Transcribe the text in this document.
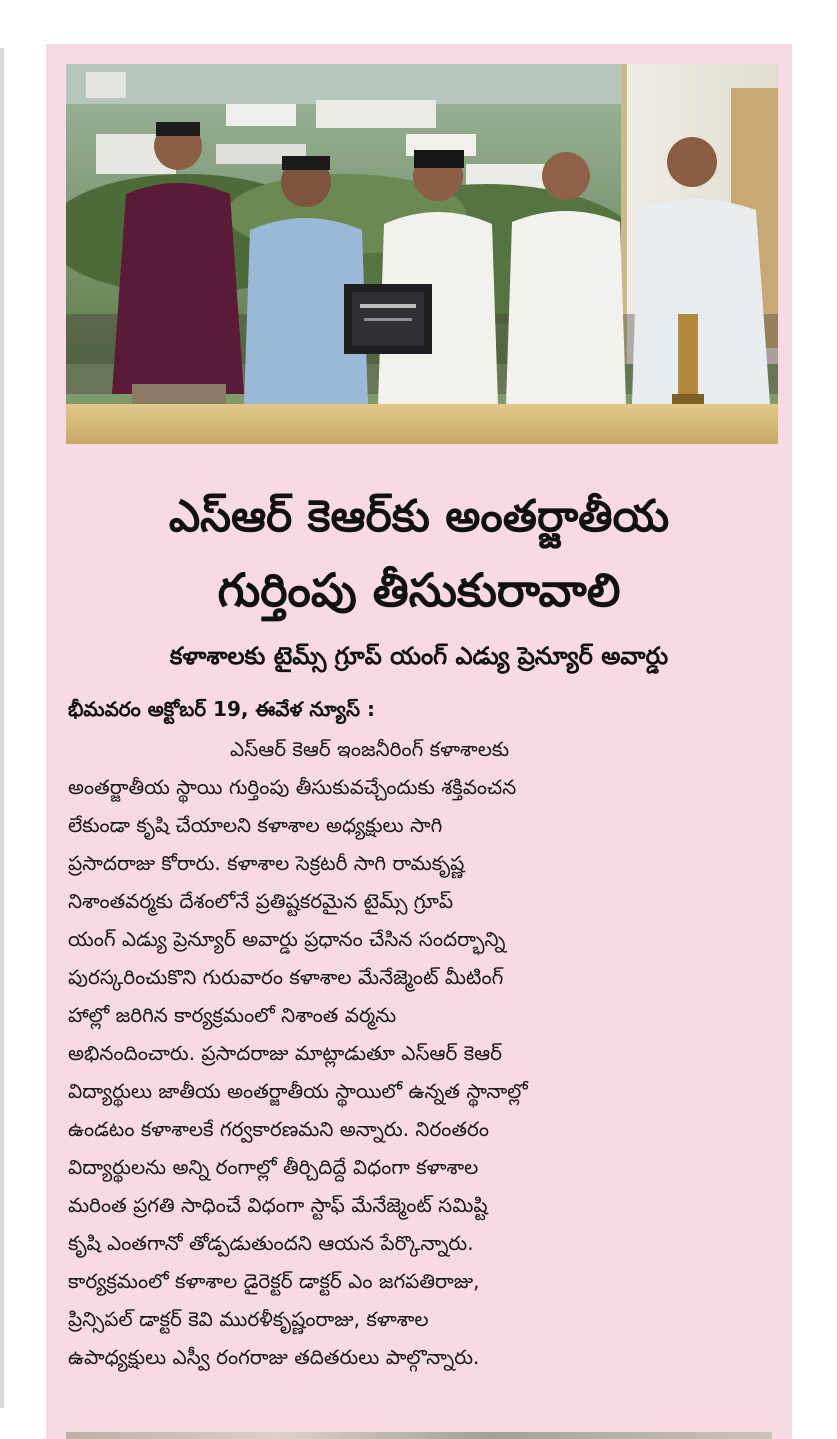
ఎస్ఆర్ కెఆర్‌కు అంతర్జాతీయ
గుర్తింపు తీసుకురావాలి
కళాశాలకు టైమ్స్ గ్రూప్ యంగ్ ఎడ్యు ప్రెన్యూర్ అవార్డు

భీమవరం అక్టోబర్ 19, ఈవేళ న్యూస్ :

ఎస్ఆర్ కెఆర్ ఇంజనీరింగ్ కళాశాలకు
అంతర్జాతీయ స్థాయి గుర్తింపు తీసుకువచ్చేందుకు శక్తివంచన
లేకుండా కృషి చేయాలని కళాశాల అధ్యక్షులు సాగి
ప్రసాదరాజు కోరారు. కళాశాల సెక్రటరీ సాగి రామకృష్ణ
నిశాంతవర్మకు దేశంలోనే ప్రతిష్టకరమైన టైమ్స్ గ్రూప్
యంగ్ ఎడ్యు ప్రెన్యూర్ అవార్డు ప్రధానం చేసిన సందర్భాన్ని
పురస్కరించుకొని గురువారం కళాశాల మేనేజ్మెంట్ మీటింగ్
హాల్లో జరిగిన కార్యక్రమంలో నిశాంత వర్మను
అభినందించారు. ప్రసాదరాజు మాట్లాడుతూ ఎస్ఆర్ కెఆర్
విద్యార్థులు జాతీయ అంతర్జాతీయ స్థాయిలో ఉన్నత స్థానాల్లో
ఉండటం కళాశాలకే గర్వకారణమని అన్నారు. నిరంతరం
విద్యార్థులను అన్ని రంగాల్లో తీర్చిదిద్దే విధంగా కళాశాల
మరింత ప్రగతి సాధించే విధంగా స్టాఫ్ మేనేజ్మెంట్ సమిష్టి
కృషి ఎంతగానో తోడ్పడుతుందని ఆయన పేర్కొన్నారు.
కార్యక్రమంలో కళాశాల డైరెక్టర్ డాక్టర్ ఎం జగపతిరాజు,
ప్రిన్సిపల్ డాక్టర్ కెవి మురళీకృష్ణంరాజు, కళాశాల
ఉపాధ్యక్షులు ఎస్వీ రంగరాజు తదితరులు పాల్గొన్నారు.
